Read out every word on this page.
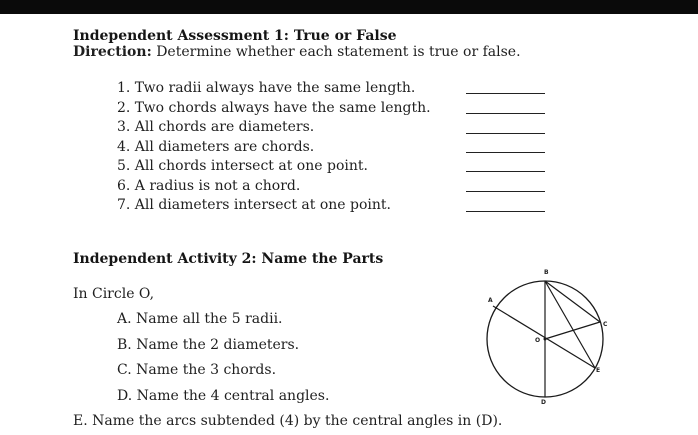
Independent Assessment 1: True or False
Direction: Determine whether each statement is true or false.
1. Two radii always have the same length.
2. Two chords always have the same length.
3. All chords are diameters.
4. All diameters are chords.
5. All chords intersect at one point.
6. A radius is not a chord.
7. All diameters intersect at one point.
Independent Activity 2: Name the Parts
In Circle O,
A. Name all the 5 radii.
B. Name the 2 diameters.
C. Name the 3 chords.
D. Name the 4 central angles.
E. Name the arcs subtended (4) by the central angles in (D).
B
A
C
O
E
D
